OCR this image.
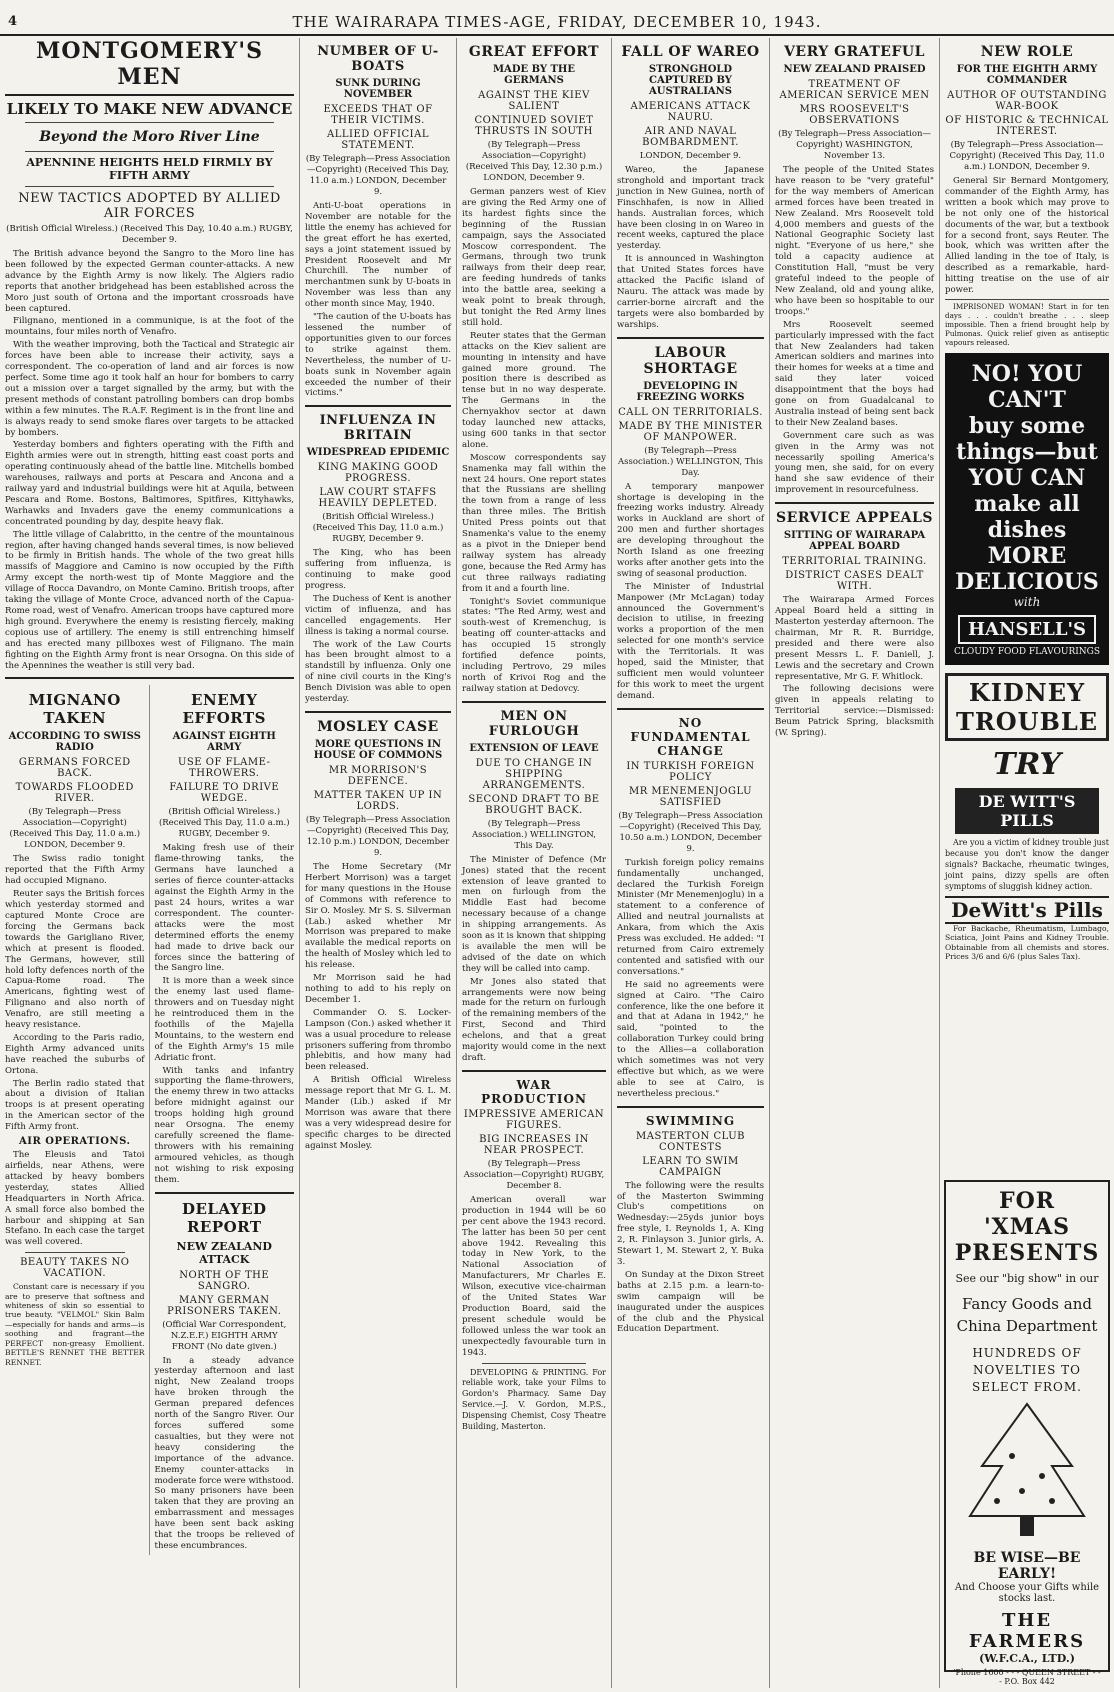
4	THE WAIRARAPA TIMES-AGE, FRIDAY, DECEMBER 10, 1943.
MONTGOMERY'S MEN
LIKELY TO MAKE NEW ADVANCE
Beyond the Moro River Line
APENNINE HEIGHTS HELD FIRMLY BY FIFTH ARMY
NEW TACTICS ADOPTED BY ALLIED AIR FORCES
(British Official Wireless.) (Received This Day, 10.40 a.m.) RUGBY, December 9.

The British advance beyond the Sangro to the Moro line has been followed by the expected German counter-attacks. A new advance by the Eighth Army is now likely. The Algiers radio reports that another bridgehead has been established across the Moro just south of Ortona and the important crossroads have been captured.

Filignano, mentioned in a communique, is at the foot of the mountains, four miles north of Venafro.

With the weather improving, both the Tactical and Strategic air forces have been able to increase their activity, says a correspondent. The co-operation of land and air forces is now perfect. Some time ago it took half an hour for bombers to carry out a mission over a target signalled by the army, but with the present methods of constant patrolling bombers can drop bombs within a few minutes. The R.A.F. Regiment is in the front line and is always ready to send smoke flares over targets to be attacked by bombers.

Yesterday bombers and fighters operating with the Fifth and Eighth armies were out in strength, hitting east coast ports and operating continuously ahead of the battle line. Mitchells bombed warehouses, railways and ports at Pescara and Ancona and a railway yard and industrial buildings were hit at Aquila, between Pescara and Rome. Bostons, Baltimores, Spitfires, Kittyhawks, Warhawks and Invaders gave the enemy communications a concentrated pounding by day, despite heavy flak.

The little village of Calabritto, in the centre of the mountainous region, after having changed hands several times, is now believed to be firmly in British hands. The whole of the two great hills massifs of Maggiore and Camino is now occupied by the Fifth Army except the north-west tip of Monte Maggiore and the village of Rocca Davandro, on Monte Camino. British troops, after taking the village of Monte Croce, advanced north of the Capua-Rome road, west of Venafro. American troops have captured more high ground. Everywhere the enemy is resisting fiercely, making copious use of artillery. The enemy is still entrenching himself and has erected many pillboxes west of Filignano. The main fighting on the Eighth Army front is near Orsogna. On this side of the Apennines the weather is still very bad.

MIGNANO TAKEN
ACCORDING TO SWISS RADIO
GERMANS FORCED BACK.
TOWARDS FLOODED RIVER.
(By Telegraph—Press Association—Copyright) (Received This Day, 11.0 a.m.) LONDON, December 9.

The Swiss radio tonight reported that the Fifth Army had occupied Mignano.

Reuter says the British forces which yesterday stormed and captured Monte Croce are forcing the Germans back towards the Garigliano River, which at present is flooded. The Germans, however, still hold lofty defences north of the Capua-Rome road. The Americans, fighting west of Filignano and also north of Venafro, are still meeting a heavy resistance.

According to the Paris radio, Eighth Army advanced units have reached the suburbs of Ortona.

The Berlin radio stated that about a division of Italian troops is at present operating in the American sector of the Fifth Army front.

AIR OPERATIONS.

The Eleusis and Tatoi airfields, near Athens, were attacked by heavy bombers yesterday, states Allied Headquarters in North Africa. A small force also bombed the harbour and shipping at San Stefano. In each case the target was well covered.

BEAUTY TAKES NO VACATION.

Constant care is necessary if you are to preserve that softness and whiteness of skin so essential to true beauty. "VELMOL" Skin Balm—especially for hands and arms—is soothing and fragrant—the PERFECT non-greasy Emollient. BETTLE'S RENNET THE BETTER RENNET.

ENEMY EFFORTS
AGAINST EIGHTH ARMY
USE OF FLAME-THROWERS.
FAILURE TO DRIVE WEDGE.
(British Official Wireless.) (Received This Day, 11.0 a.m.) RUGBY, December 9.

Making fresh use of their flame-throwing tanks, the Germans have launched a series of fierce counter-attacks against the Eighth Army in the past 24 hours, writes a war correspondent. The counter-attacks were the most determined efforts the enemy had made to drive back our forces since the battering of the Sangro line.

It is more than a week since the enemy last used flame-throwers and on Tuesday night he reintroduced them in the foothills of the Majella Mountains, to the western end of the Eighth Army's 15 mile Adriatic front.

With tanks and infantry supporting the flame-throwers, the enemy threw in two attacks before midnight against our troops holding high ground near Orsogna. The enemy carefully screened the flame-throwers with his remaining armoured vehicles, as though not wishing to risk exposing them.

DELAYED REPORT
NEW ZEALAND ATTACK
NORTH OF THE SANGRO.
MANY GERMAN PRISONERS TAKEN.
(Official War Correspondent, N.Z.E.F.) EIGHTH ARMY FRONT (No date given.)

In a steady advance yesterday afternoon and last night, New Zealand troops have broken through the German prepared defences north of the Sangro River. Our forces suffered some casualties, but they were not heavy considering the importance of the advance. Enemy counter-attacks in moderate force were withstood. So many prisoners have been taken that they are proving an embarrassment and messages have been sent back asking that the troops be relieved of these encumbrances.

NUMBER OF U-BOATS
SUNK DURING NOVEMBER
EXCEEDS THAT OF THEIR VICTIMS.
ALLIED OFFICIAL STATEMENT.
(By Telegraph—Press Association—Copyright) (Received This Day, 11.0 a.m.) LONDON, December 9.

Anti-U-boat operations in November are notable for the little the enemy has achieved for the great effort he has exerted, says a joint statement issued by President Roosevelt and Mr Churchill. The number of merchantmen sunk by U-boats in November was less than any other month since May, 1940.

"The caution of the U-boats has lessened the number of opportunities given to our forces to strike against them. Nevertheless, the number of U-boats sunk in November again exceeded the number of their victims."

INFLUENZA IN BRITAIN
WIDESPREAD EPIDEMIC
KING MAKING GOOD PROGRESS.
LAW COURT STAFFS HEAVILY DEPLETED.
(British Official Wireless.) (Received This Day, 11.0 a.m.) RUGBY, December 9.

The King, who has been suffering from influenza, is continuing to make good progress.

The Duchess of Kent is another victim of influenza, and has cancelled engagements. Her illness is taking a normal course.

The work of the Law Courts has been brought almost to a standstill by influenza. Only one of nine civil courts in the King's Bench Division was able to open yesterday.

MOSLEY CASE
MORE QUESTIONS IN HOUSE OF COMMONS
MR MORRISON'S DEFENCE.
MATTER TAKEN UP IN LORDS.
(By Telegraph—Press Association—Copyright) (Received This Day, 12.10 p.m.) LONDON, December 9.

The Home Secretary (Mr Herbert Morrison) was a target for many questions in the House of Commons with reference to Sir O. Mosley. Mr S. S. Silverman (Lab.) asked whether Mr Morrison was prepared to make available the medical reports on the health of Mosley which led to his release.

Mr Morrison said he had nothing to add to his reply on December 1.

Commander O. S. Locker-Lampson (Con.) asked whether it was a usual procedure to release prisoners suffering from thrombo phlebitis, and how many had been released.

A British Official Wireless message report that Mr G. L. M. Mander (Lib.) asked if Mr Morrison was aware that there was a very widespread desire for specific charges to be directed against Mosley.

GREAT EFFORT
MADE BY THE GERMANS
AGAINST THE KIEV SALIENT
CONTINUED SOVIET THRUSTS IN SOUTH
(By Telegraph—Press Association—Copyright) (Received This Day, 12.30 p.m.) LONDON, December 9.

German panzers west of Kiev are giving the Red Army one of its hardest fights since the beginning of the Russian campaign, says the Associated Moscow correspondent. The Germans, through two trunk railways from their deep rear, are feeding hundreds of tanks into the battle area, seeking a weak point to break through, but tonight the Red Army lines still hold.

Reuter states that the German attacks on the Kiev salient are mounting in intensity and have gained more ground. The position there is described as tense but in no way desperate. The Germans in the Chernyakhov sector at dawn today launched new attacks, using 600 tanks in that sector alone.

Moscow correspondents say Snamenka may fall within the next 24 hours. One report states that the Russians are shelling the town from a range of less than three miles. The British United Press points out that Snamenka's value to the enemy as a pivot in the Dnieper bend railway system has already gone, because the Red Army has cut three railways radiating from it and a fourth line.

Tonight's Soviet communique states: "The Red Army, west and south-west of Kremenchug, is beating off counter-attacks and has occupied 15 strongly fortified defence points, including Pertrovo, 29 miles north of Krivoi Rog and the railway station at Dedovcy.

MEN ON FURLOUGH
EXTENSION OF LEAVE
DUE TO CHANGE IN SHIPPING ARRANGEMENTS.
SECOND DRAFT TO BE BROUGHT BACK.
(By Telegraph—Press Association.) WELLINGTON, This Day.

The Minister of Defence (Mr Jones) stated that the recent extension of leave granted to men on furlough from the Middle East had become necessary because of a change in shipping arrangements. As soon as it is known that shipping is available the men will be advised of the date on which they will be called into camp.

Mr Jones also stated that arrangements were now being made for the return on furlough of the remaining members of the First, Second and Third echelons, and that a great majority would come in the next draft.

WAR PRODUCTION
IMPRESSIVE AMERICAN FIGURES.
BIG INCREASES IN NEAR PROSPECT.
(By Telegraph—Press Association—Copyright) RUGBY, December 8.

American overall war production in 1944 will be 60 per cent above the 1943 record. The latter has been 50 per cent above 1942. Revealing this today in New York, to the National Association of Manufacturers, Mr Charles E. Wilson, executive vice-chairman of the United States War Production Board, said the present schedule would be followed unless the war took an unexpectedly favourable turn in 1943.

DEVELOPING & PRINTING. For reliable work, take your Films to Gordon's Pharmacy. Same Day Service.—J. V. Gordon, M.P.S., Dispensing Chemist, Cosy Theatre Building, Masterton.

FALL OF WAREO
STRONGHOLD CAPTURED BY AUSTRALIANS
AMERICANS ATTACK NAURU.
AIR AND NAVAL BOMBARDMENT.
LONDON, December 9.

Wareo, the Japanese stronghold and important track junction in New Guinea, north of Finschhafen, is now in Allied hands. Australian forces, which have been closing in on Wareo in recent weeks, captured the place yesterday.

It is announced in Washington that United States forces have attacked the Pacific island of Nauru. The attack was made by carrier-borne aircraft and the targets were also bombarded by warships.

LABOUR SHORTAGE
DEVELOPING IN FREEZING WORKS
CALL ON TERRITORIALS.
MADE BY THE MINISTER OF MANPOWER.
(By Telegraph—Press Association.) WELLINGTON, This Day.

A temporary manpower shortage is developing in the freezing works industry. Already works in Auckland are short of 200 men and further shortages are developing throughout the North Island as one freezing works after another gets into the swing of seasonal production.

The Minister of Industrial Manpower (Mr McLagan) today announced the Government's decision to utilise, in freezing works a proportion of the men selected for one month's service with the Territorials. It was hoped, said the Minister, that sufficient men would volunteer for this work to meet the urgent demand.

NO FUNDAMENTAL CHANGE
IN TURKISH FOREIGN POLICY
MR MENEMENJOGLU SATISFIED
(By Telegraph—Press Association—Copyright) (Received This Day, 10.50 a.m.) LONDON, December 9.

Turkish foreign policy remains fundamentally unchanged, declared the Turkish Foreign Minister (Mr Menemenjoglu) in a statement to a conference of Allied and neutral journalists at Ankara, from which the Axis Press was excluded. He added: "I returned from Cairo extremely contented and satisfied with our conversations."

He said no agreements were signed at Cairo. "The Cairo conference, like the one before it and that at Adana in 1942," he said, "pointed to the collaboration Turkey could bring to the Allies—a collaboration which sometimes was not very effective but which, as we were able to see at Cairo, is nevertheless precious."

SWIMMING
MASTERTON CLUB CONTESTS
LEARN TO SWIM CAMPAIGN

The following were the results of the Masterton Swimming Club's competitions on Wednesday:—25yds junior boys free style, I. Reynolds 1, A. King 2, R. Finlayson 3. Junior girls, A. Stewart 1, M. Stewart 2, Y. Buka 3.

On Sunday at the Dixon Street baths at 2.15 p.m. a learn-to-swim campaign will be inaugurated under the auspices of the club and the Physical Education Department.

VERY GRATEFUL
NEW ZEALAND PRAISED
TREATMENT OF AMERICAN SERVICE MEN
MRS ROOSEVELT'S OBSERVATIONS
(By Telegraph—Press Association—Copyright) WASHINGTON, November 13.

The people of the United States have reason to be "very grateful" for the way members of American armed forces have been treated in New Zealand. Mrs Roosevelt told 4,000 members and guests of the National Geographic Society last night. "Everyone of us here," she told a capacity audience at Constitution Hall, "must be very grateful indeed to the people of New Zealand, old and young alike, who have been so hospitable to our troops."

Mrs Roosevelt seemed particularly impressed with the fact that New Zealanders had taken American soldiers and marines into their homes for weeks at a time and said they later voiced disappointment that the boys had gone on from Guadalcanal to Australia instead of being sent back to their New Zealand bases.

Government care such as was given in the Army was not necessarily spoiling America's young men, she said, for on every hand she saw evidence of their improvement in resourcefulness.

SERVICE APPEALS
SITTING OF WAIRARAPA APPEAL BOARD
TERRITORIAL TRAINING.
DISTRICT CASES DEALT WITH.

The Wairarapa Armed Forces Appeal Board held a sitting in Masterton yesterday afternoon. The chairman, Mr R. R. Burridge, presided and there were also present Messrs L. F. Daniell, J. Lewis and the secretary and Crown representative, Mr G. F. Whitlock.

The following decisions were given in appeals relating to Territorial service:—Dismissed: Beum Patrick Spring, blacksmith (W. Spring).

NEW ROLE
FOR THE EIGHTH ARMY COMMANDER
AUTHOR OF OUTSTANDING WAR-BOOK
OF HISTORIC & TECHNICAL INTEREST.
(By Telegraph—Press Association—Copyright) (Received This Day, 11.0 a.m.) LONDON, December 9.

General Sir Bernard Montgomery, commander of the Eighth Army, has written a book which may prove to be not only one of the historical documents of the war, but a textbook for a second front, says Reuter. The book, which was written after the Allied landing in the toe of Italy, is described as a remarkable, hard-hitting treatise on the use of air power.

IMPRISONED WOMAN! Start in for ten days . . . couldn't breathe . . . sleep impossible. Then a friend brought help by Pulmonas. Quick relief given as antiseptic vapours released.

NO! YOU CAN'T
buy some
things—but
YOU CAN
make all
dishes
MORE
DELICIOUS
with
HANSELL'S
CLOUDY FOOD FLAVOURINGS
KIDNEY TROUBLE
TRY
DE WITT'S PILLS

Are you a victim of kidney trouble just because you don't know the danger signals? Backache, rheumatic twinges, joint pains, dizzy spells are often symptoms of sluggish kidney action.

DeWitt's Pills

For Backache, Rheumatism, Lumbago, Sciatica, Joint Pains and Kidney Trouble. Obtainable from all chemists and stores. Prices 3/6 and 6/6 (plus Sales Tax).

FOR 'XMAS
PRESENTS
See our "big show" in our
Fancy Goods and
China Department
HUNDREDS OF
NOVELTIES TO
SELECT FROM.
BE WISE—BE EARLY!
And Choose your Gifts while stocks last.
THE FARMERS
(W.F.C.A., LTD.)
'Phone 1600 - - - QUEEN STREET - - - P.O. Box 442
